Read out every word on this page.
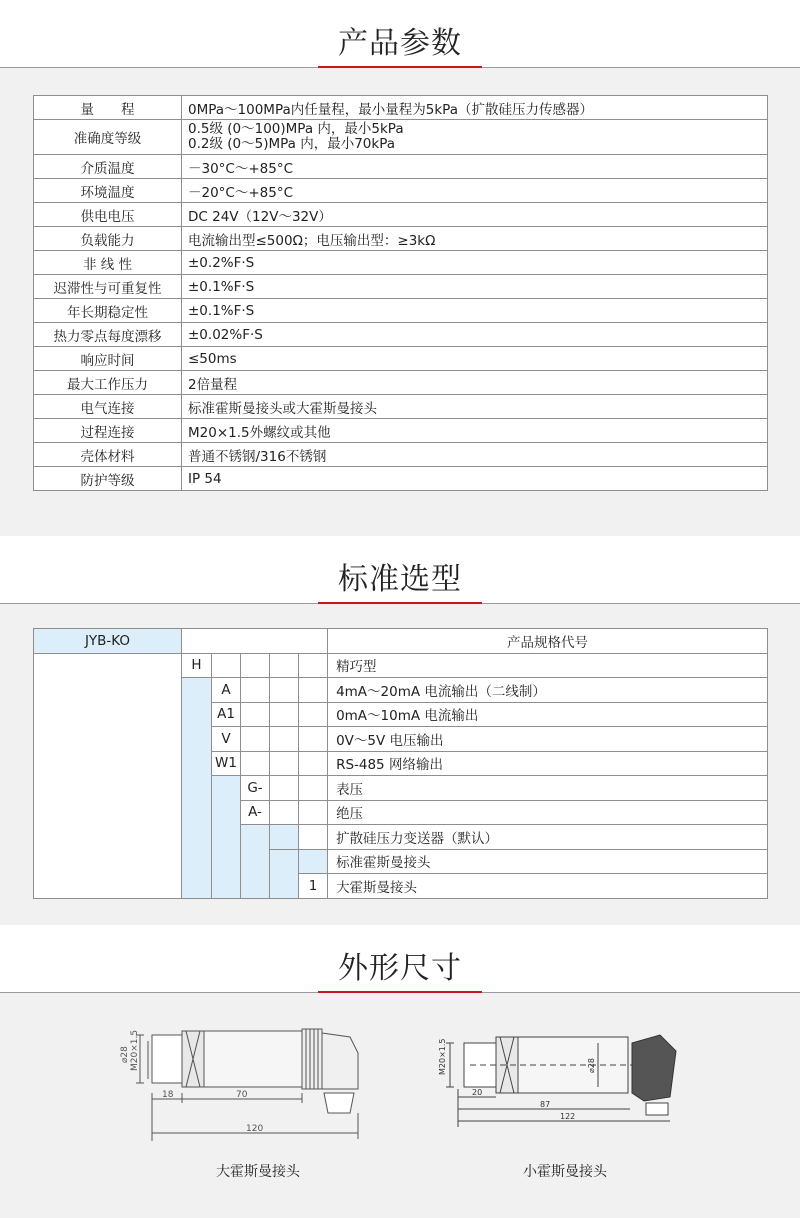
产品参数
量　　程	0MPa～100MPa内任量程，最小量程为5kPa（扩散硅压力传感器）

准确度等级	0.5级 (0～100)MPa 内，最小5kPa
0.2级 (0～5)MPa 内，最小70kPa

介质温度	－30°C～+85°C

环境温度	－20°C～+85°C

供电电压	DC 24V（12V～32V）

负载能力	电流输出型≤500Ω；电压输出型：≥3kΩ

非 线 性	±0.2%F·S

迟滞性与可重复性	±0.1%F·S

年长期稳定性	±0.1%F·S

热力零点每度漂移	±0.02%F·S

响应时间	≤50ms

最大工作压力	2倍量程

电气连接	标准霍斯曼接头或大霍斯曼接头

过程连接	M20×1.5外螺纹或其他

壳体材料	普通不锈钢/316不锈钢

防护等级	IP 54
标准选型
JYB-KO						产品规格代号
	H					精巧型
		A				4mA～20mA 电流输出（二线制）
		A1				0mA～10mA 电流输出
		V				0V～5V 电压输出
		W1				RS-485 网络输出
			G-			表压
			A-			绝压
						扩散硅压力变送器（默认）
						标准霍斯曼接头
					1	大霍斯曼接头
外形尺寸
⌀28 M20×1.5
18	70
120
大霍斯曼接头
M20×1.5	⌀28
20
87
122
小霍斯曼接头
